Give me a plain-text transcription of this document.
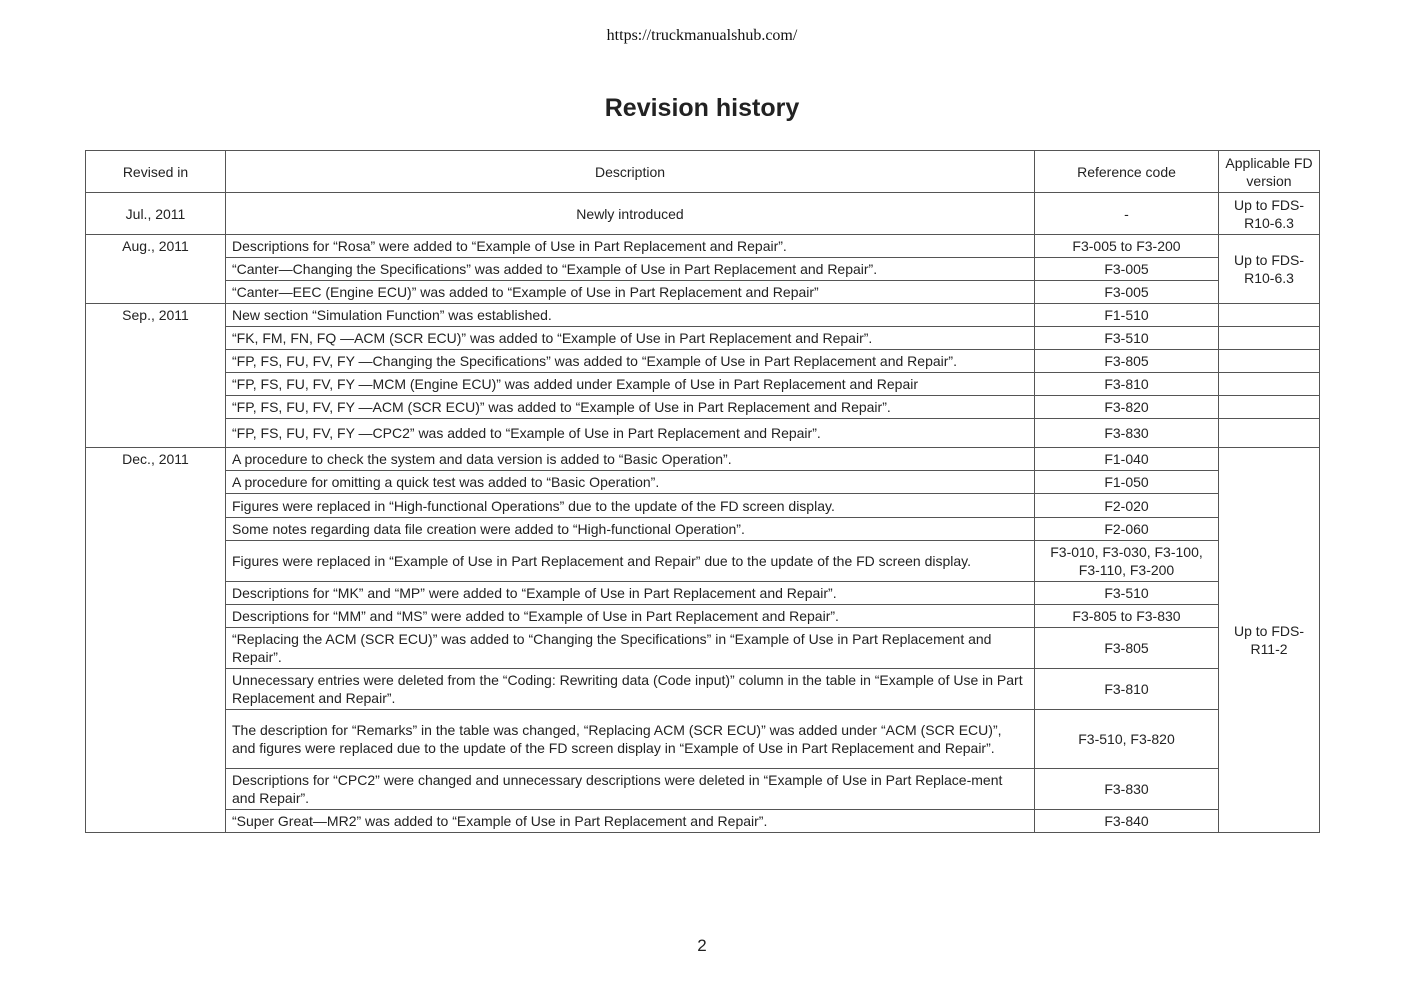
https://truckmanualshub.com/
Revision history
Revised in	Description	Reference code	Applicable FD version
Jul., 2011	Newly introduced	-	Up to FDS-R10-6.3
Aug., 2011	Descriptions for “Rosa” were added to “Example of Use in Part Replacement and Repair”.	F3-005 to F3-200	Up to FDS-R10-6.3
	“Canter—Changing the Specifications” was added to “Example of Use in Part Replacement and Repair”.	F3-005	
	“Canter—EEC (Engine ECU)” was added to “Example of Use in Part Replacement and Repair”	F3-005	
Sep., 2011	New section “Simulation Function” was established.	F1-510	
	“FK, FM, FN, FQ —ACM (SCR ECU)” was added to “Example of Use in Part Replacement and Repair”.	F3-510	
	“FP, FS, FU, FV, FY —Changing the Specifications” was added to “Example of Use in Part Replacement and Repair”.	F3-805	
	“FP, FS, FU, FV, FY —MCM (Engine ECU)” was added under Example of Use in Part Replacement and Repair	F3-810	
	“FP, FS, FU, FV, FY —ACM (SCR ECU)” was added to “Example of Use in Part Replacement and Repair”.	F3-820	
	“FP, FS, FU, FV, FY —CPC2” was added to “Example of Use in Part Replacement and Repair”.	F3-830	
Dec., 2011	A procedure to check the system and data version is added to “Basic Operation”.	F1-040	Up to FDS-R11-2
	A procedure for omitting a quick test was added to “Basic Operation”.	F1-050	
	Figures were replaced in “High-functional Operations” due to the update of the FD screen display.	F2-020	
	Some notes regarding data file creation were added to “High-functional Operation”.	F2-060	
	Figures were replaced in “Example of Use in Part Replacement and Repair” due to the update of the FD screen display.	F3-010, F3-030, F3-100, F3-110, F3-200	
	Descriptions for “MK” and “MP” were added to “Example of Use in Part Replacement and Repair”.	F3-510	
	Descriptions for “MM” and “MS” were added to “Example of Use in Part Replacement and Repair”.	F3-805 to F3-830	
	“Replacing the ACM (SCR ECU)” was added to “Changing the Specifications” in “Example of Use in Part Replacement and Repair”.	F3-805	
	Unnecessary entries were deleted from the “Coding: Rewriting data (Code input)” column in the table in “Example of Use in Part Replacement and Repair”.	F3-810	
	The description for “Remarks” in the table was changed, “Replacing ACM (SCR ECU)” was added under “ACM (SCR ECU)”, and figures were replaced due to the update of the FD screen display in “Example of Use in Part Replacement and Repair”.	F3-510, F3-820	
	Descriptions for “CPC2” were changed and unnecessary descriptions were deleted in “Example of Use in Part Replace-ment and Repair”.	F3-830	
	“Super Great—MR2” was added to “Example of Use in Part Replacement and Repair”.	F3-840	
2
